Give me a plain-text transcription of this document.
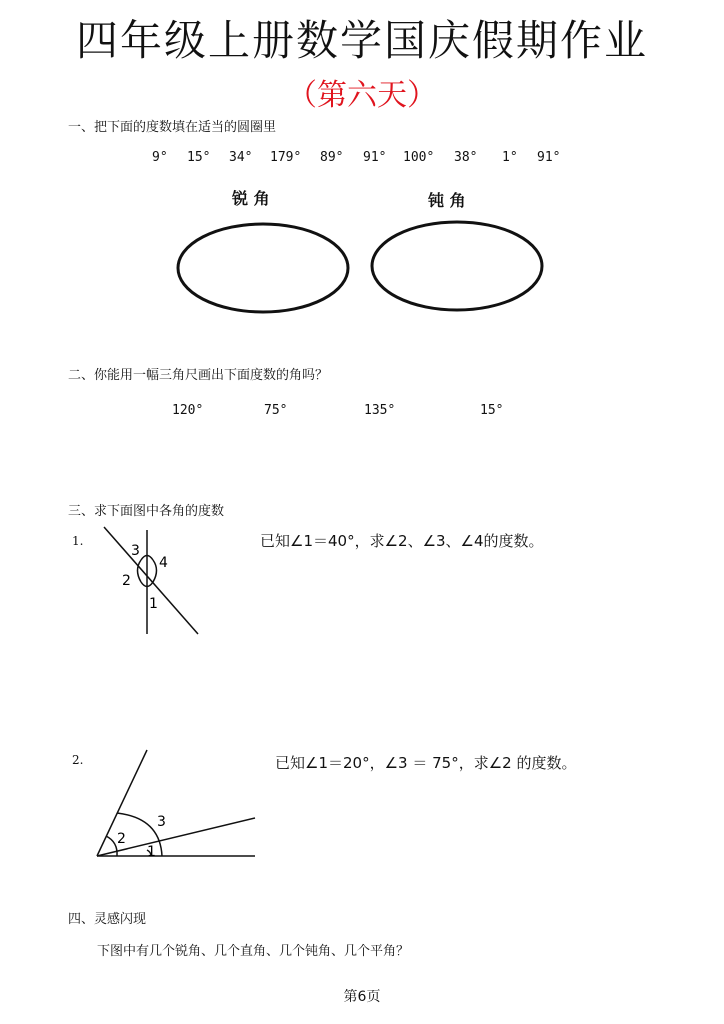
四年级上册数学国庆假期作业
（第六天）
一、把下面的度数填在适当的圆圈里
9° 15° 34° 179° 89° 91° 100° 38° 1° 91°
锐 角	钝 角
3
4
2
1
2
3
1
二、你能用一幅三角尺画出下面度数的角吗？
120°	75°	135°	15°
三、求下面图中各角的度数
1.	已知∠1＝40°，求∠2、∠3、∠4的度数。
2.	已知∠1＝20°，∠3 ＝ 75°，求∠2 的度数。
四、灵感闪现
下图中有几个锐角、几个直角、几个钝角、几个平角？
第6页
